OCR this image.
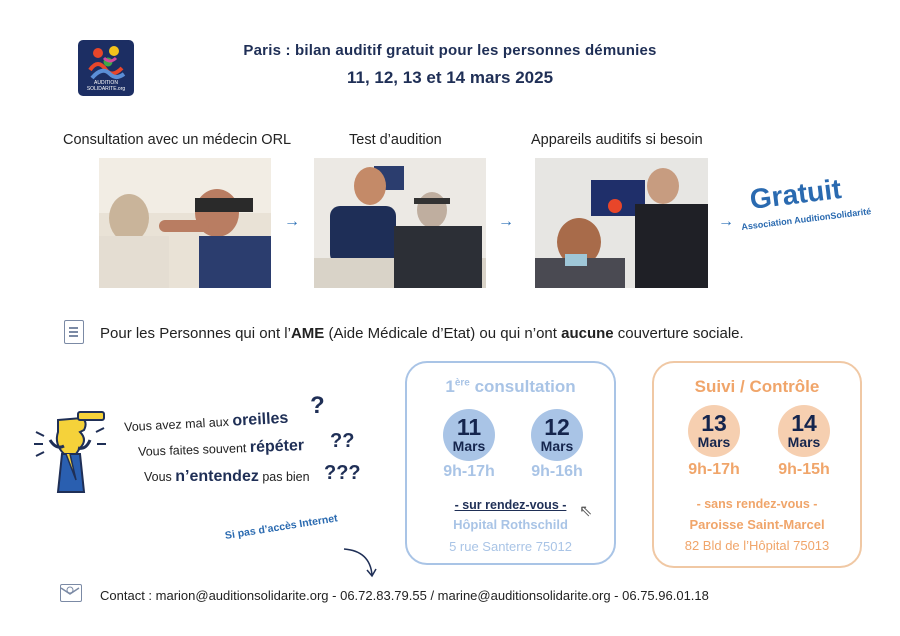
AUDITION
SOLIDARITE.org
Paris : bilan auditif gratuit pour les personnes démunies
11, 12, 13 et 14 mars 2025
Consultation avec un médecin ORL	Test d’audition	Appareils auditifs si besoin
→	→	→
Gratuit
Association AuditionSolidarité
Pour les Personnes qui ont l’AME (Aide Médicale d’Etat) ou qui n’ont aucune couverture sociale.
Vous avez mal aux oreilles
?
Vous faites souvent répéter ??
Vous n’entendez pas bien ???
1ère consultation
11
Mars
12
Mars
9h-17h	9h-16h
- sur rendez-vous - ⇖
Hôpital Rothschild
5 rue Santerre 75012
Suivi / Contrôle
13
Mars
14
Mars
9h-17h	9h-15h
- sans rendez-vous -
Paroisse Saint-Marcel
82 Bld de l’Hôpital 75013
Si pas d’accès Internet
Contact : marion@auditionsolidarite.org - 06.72.83.79.55 / marine@auditionsolidarite.org - 06.75.96.01.18
